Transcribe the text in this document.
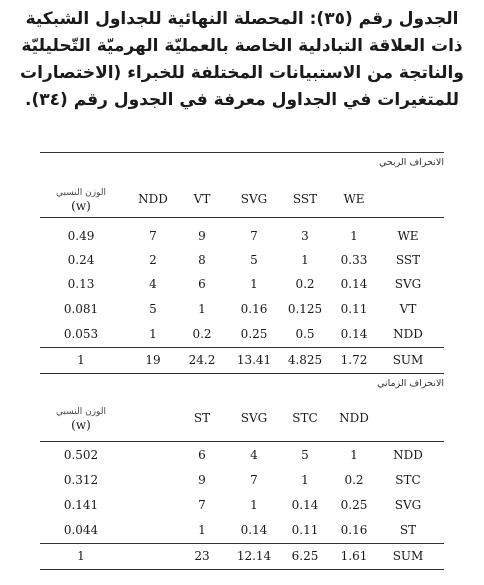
الجدول رقم (٣٥): المحصلة النهائية للجداول الشبكية ذات العلاقة التبادلية الخاصة بالعمليّة الهرميّة التّحليليّة والناتجة من الاستبيانات المختلفة للخبراء (الاختصارات للمتغيرات في الجداول معرفة في الجدول رقم (٣٤).
الانحراف الربحي
الوزن النسبي
(w)	NDD VT	SVG SST WE
0.49	7	9	7	3	1	WE
0.24	2	8	5	1	0.33 SST
0.13	4	6	1	0.2 0.14 SVG
0.081	5	1	0.16 0.125 0.11	VT
0.053	1	0.2 0.25 0.5 0.14 NDD
1	19 24.2 13.41 4.825 1.72 SUM
الانحراف الزماني
الوزن النسبي
(w)	ST	SVG STC NDD
0.502	6	4	5	1	NDD
0.312	9	7	1	0.2	STC
0.141	7	1	0.14 0.25 SVG
0.044	1	0.14 0.11 0.16	ST
1	23 12.14 6.25 1.61 SUM
